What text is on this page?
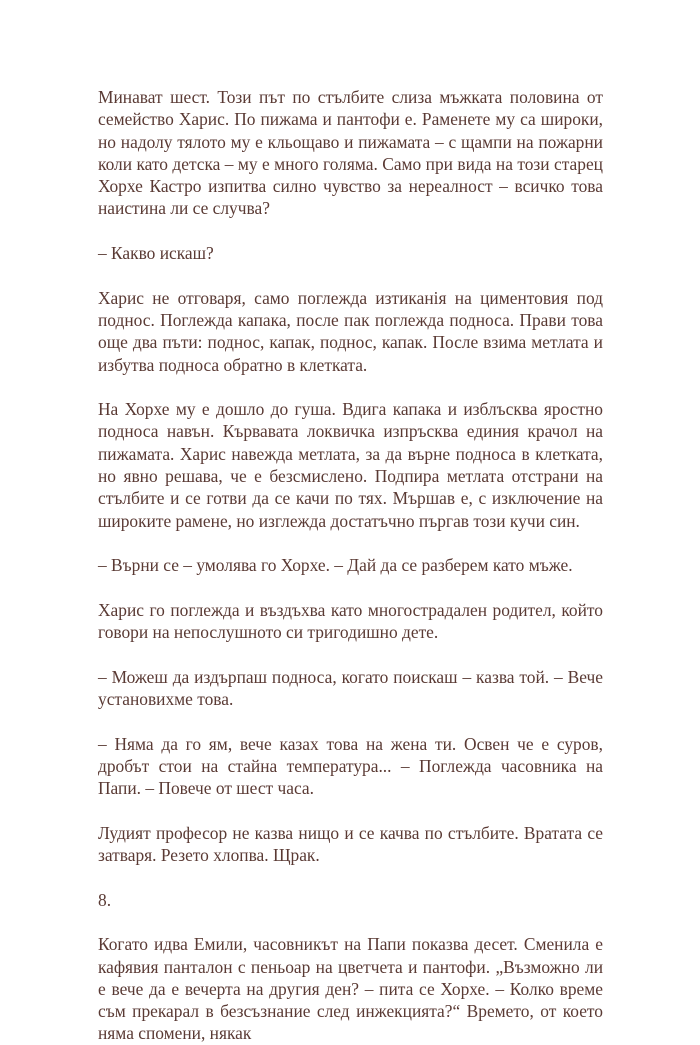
Минават шест. Този път по стълбите слиза мъжката половина от семейство Харис. По пижама и пантофи е. Раменете му са широки, но надолу тялото му е кльощаво и пижамата – с щампи на пожарни коли като детска – му е много голяма. Само при вида на този старец Хорхе Кастро изпитва силно чувство за нереалност – всичко това наистина ли се случва?

– Какво искаш?

Харис не отговаря, само поглежда изтиканія на циментовия под поднос. Поглежда капака, после пак поглежда подноса. Прави това още два пъти: поднос, капак, поднос, капак. После взима метлата и избутва подноса обратно в клетката.

На Хорхе му е дошло до гуша. Вдига капака и изблъсква яростно подноса навън. Кървавата локвичка изпръсква единия крачол на пижамата. Харис навежда метлата, за да върне подноса в клетката, но явно решава, че е безсмислено. Подпира метлата отстрани на стълбите и се готви да се качи по тях. Мършав е, с изключение на широките рамене, но изглежда достатъчно пъргав този кучи син.

– Върни се – умолява го Хорхе. – Дай да се разберем като мъже.

Харис го поглежда и въздъхва като многострадален родител, който говори на непослушното си тригодишно дете.

– Можеш да издърпаш подноса, когато поискаш – казва той. – Вече установихме това.

– Няма да го ям, вече казах това на жена ти. Освен че е суров, дробът стои на стайна температура... – Поглежда часовника на Папи. – Повече от шест часа.

Лудият професор не казва нищо и се качва по стълбите. Вратата се затваря. Резето хлопва. Щрак.

8.

Когато идва Емили, часовникът на Папи показва десет. Сменила е кафявия панталон с пеньоар на цветчета и пантофи. „Възможно ли е вече да е вечерта на другия ден? – пита се Хорхе. – Колко време съм прекарал в безсъзнание след инжекцията?“ Времето, от което няма спомени, някак
